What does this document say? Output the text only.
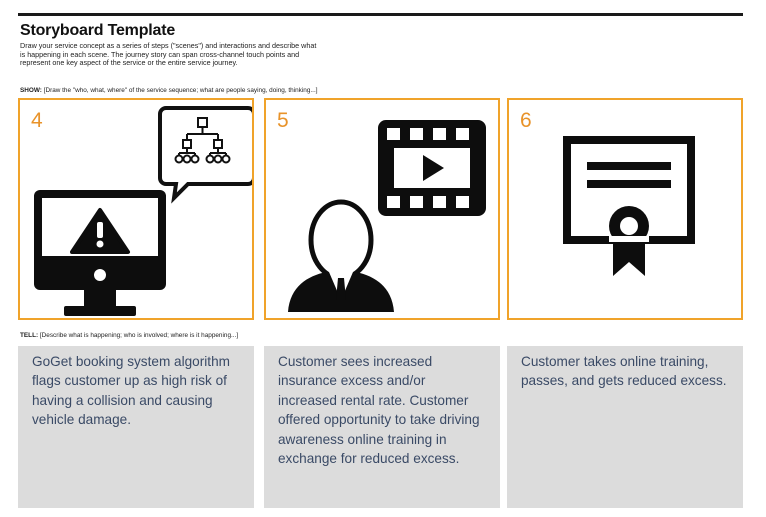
Storyboard Template
Draw your service concept as a series of steps ("scenes") and interactions and describe what is happening in each scene. The journey story can span cross-channel touch points and represent one key aspect of the service or the entire service journey.
SHOW: [Draw the "who, what, where" of the service sequence; what are people saying, doing, thinking...]
4	5	6
TELL: [Describe what is happening; who is involved; where is it happening...]
GoGet booking system algorithm flags customer up as high risk of having a collision and causing vehicle damage.
Customer sees increased insurance excess and/or increased rental rate. Customer offered opportunity to take driving awareness online training in exchange for reduced excess.
Customer takes online training, passes, and gets reduced excess.
